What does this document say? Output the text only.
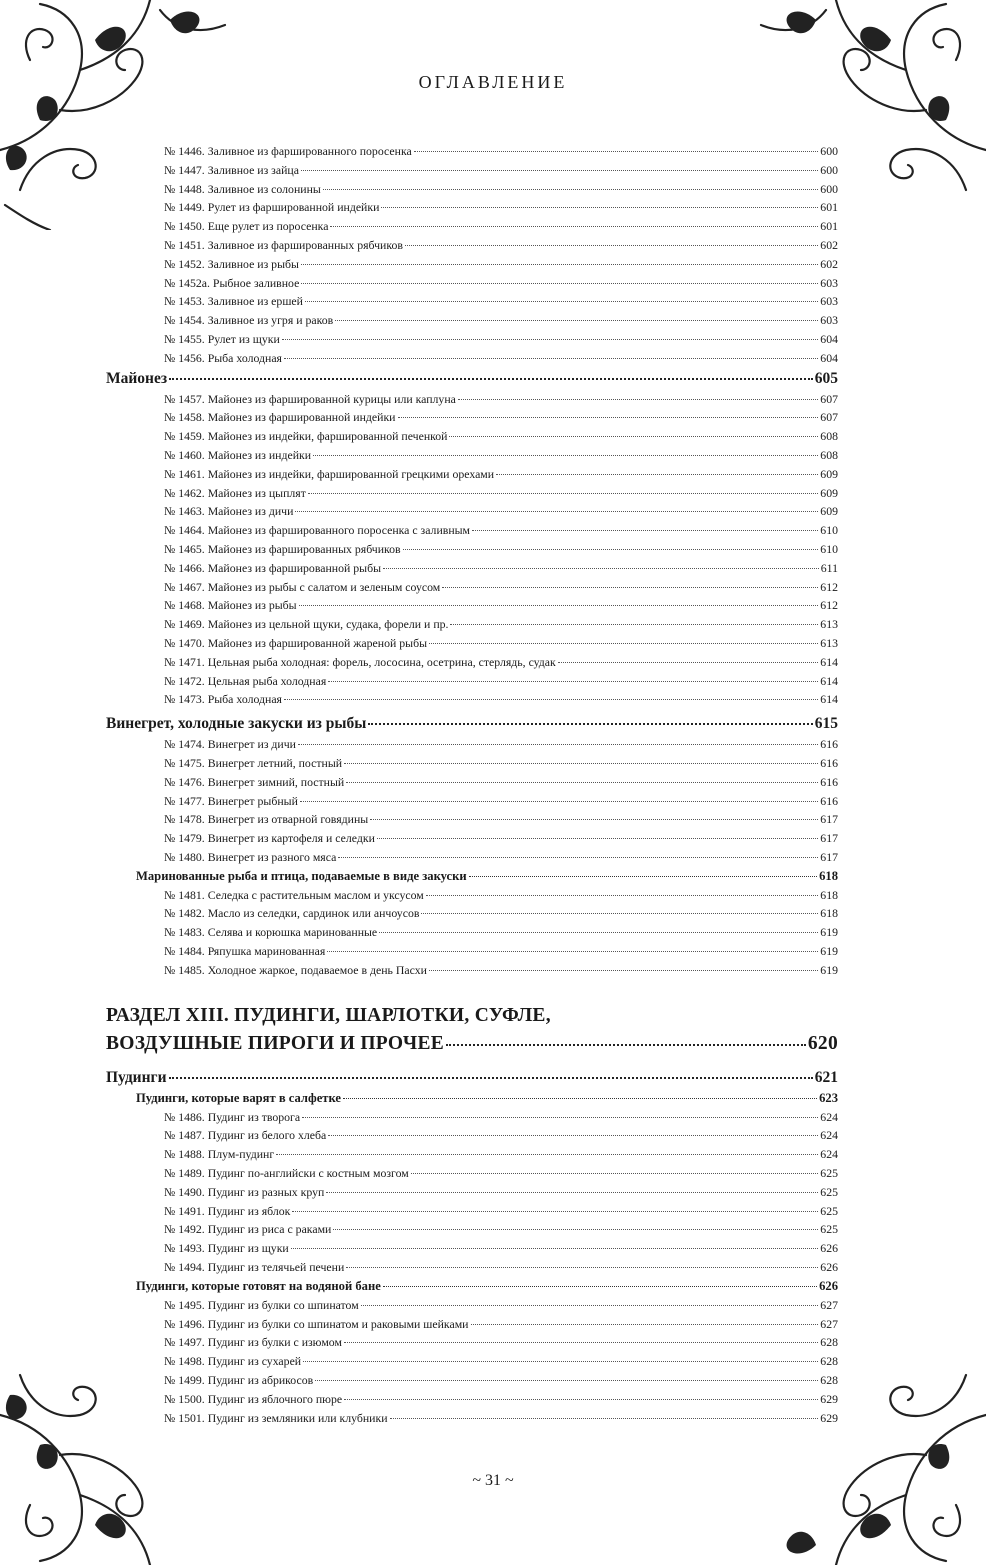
ОГЛАВЛЕНИЕ
№ 1446. Заливное из фаршированного поросенка	600
№ 1447. Заливное из зайца	600
№ 1448. Заливное из солонины	600
№ 1449. Рулет из фаршированной индейки	601
№ 1450. Еще рулет из поросенка	601
№ 1451. Заливное из фаршированных рябчиков	602
№ 1452. Заливное из рыбы	602
№ 1452а. Рыбное заливное	603
№ 1453. Заливное из ершей	603
№ 1454. Заливное из угря и раков	603
№ 1455. Рулет из щуки	604
№ 1456. Рыба холодная	604
Майонез	605
№ 1457. Майонез из фаршированной курицы или каплуна	607
№ 1458. Майонез из фаршированной индейки	607
№ 1459. Майонез из индейки, фаршированной печенкой	608
№ 1460. Майонез из индейки	608
№ 1461. Майонез из индейки, фаршированной грецкими орехами	609
№ 1462. Майонез из цыплят	609
№ 1463. Майонез из дичи	609
№ 1464. Майонез из фаршированного поросенка с заливным	610
№ 1465. Майонез из фаршированных рябчиков	610
№ 1466. Майонез из фаршированной рыбы	611
№ 1467. Майонез из рыбы с салатом и зеленым соусом	612
№ 1468. Майонез из рыбы	612
№ 1469. Майонез из цельной щуки, судака, форели и пр.	613
№ 1470. Майонез из фаршированной жареной рыбы	613
№ 1471. Цельная рыба холодная: форель, лососина, осетрина, стерлядь, судак	614
№ 1472. Цельная рыба холодная	614
№ 1473. Рыба холодная	614
Винегрет, холодные закуски из рыбы	615
№ 1474. Винегрет из дичи	616
№ 1475. Винегрет летний, постный	616
№ 1476. Винегрет зимний, постный	616
№ 1477. Винегрет рыбный	616
№ 1478. Винегрет из отварной говядины	617
№ 1479. Винегрет из картофеля и селедки	617
№ 1480. Винегрет из разного мяса	617
Маринованные рыба и птица, подаваемые в виде закуски	618
№ 1481. Селедка с растительным маслом и уксусом	618
№ 1482. Масло из селедки, сардинок или анчоусов	618
№ 1483. Селява и корюшка маринованные	619
№ 1484. Ряпушка маринованная	619
№ 1485. Холодное жаркое, подаваемое в день Пасхи	619
РАЗДЕЛ XIII. ПУДИНГИ, ШАРЛОТКИ, СУФЛЕ,
ВОЗДУШНЫЕ ПИРОГИ И ПРОЧЕЕ	620
Пудинги	621
Пудинги, которые варят в салфетке	623
№ 1486. Пудинг из творога	624
№ 1487. Пудинг из белого хлеба	624
№ 1488. Плум-пудинг	624
№ 1489. Пудинг по-английски с костным мозгом	625
№ 1490. Пудинг из разных круп	625
№ 1491. Пудинг из яблок	625
№ 1492. Пудинг из риса с раками	625
№ 1493. Пудинг из щуки	626
№ 1494. Пудинг из телячьей печени	626
Пудинги, которые готовят на водяной бане	626
№ 1495. Пудинг из булки со шпинатом	627
№ 1496. Пудинг из булки со шпинатом и раковыми шейками	627
№ 1497. Пудинг из булки с изюмом	628
№ 1498. Пудинг из сухарей	628
№ 1499. Пудинг из абрикосов	628
№ 1500. Пудинг из яблочного пюре	629
№ 1501. Пудинг из земляники или клубники	629
~ 31 ~
